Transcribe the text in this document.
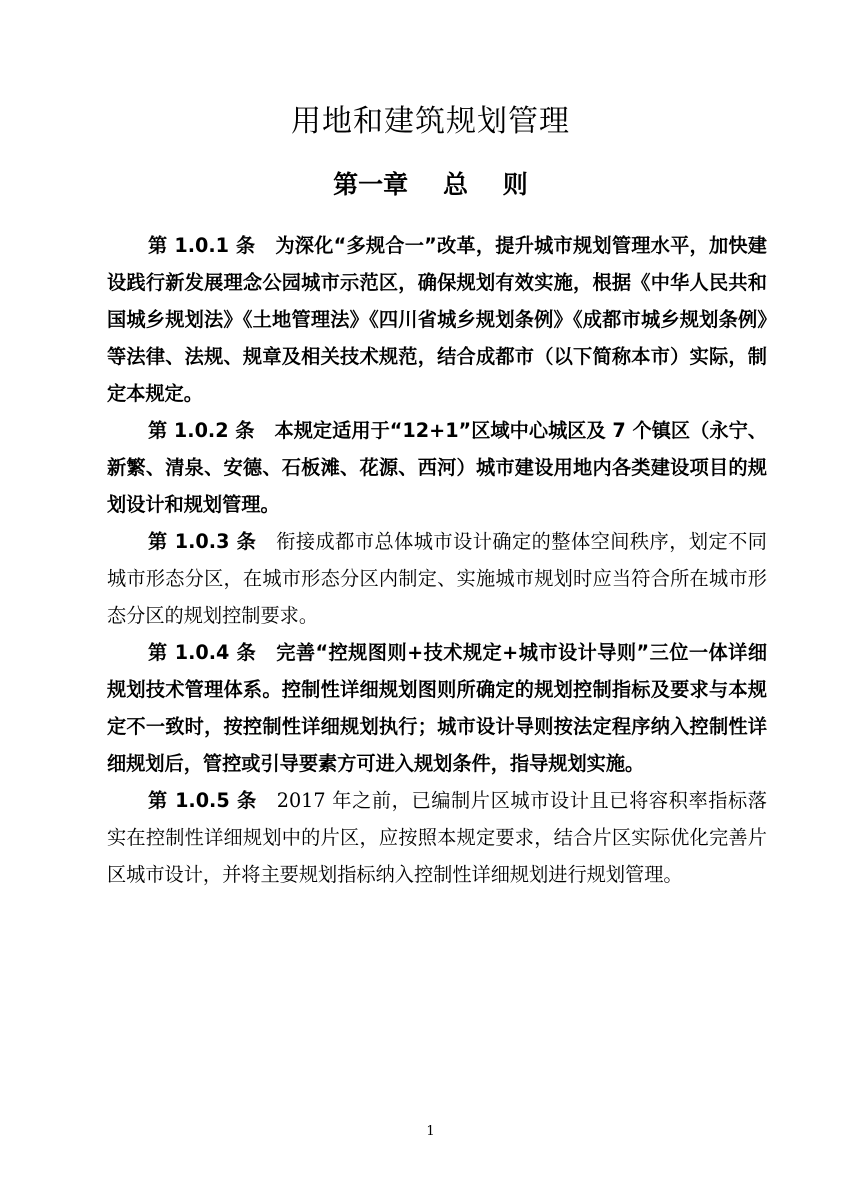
用地和建筑规划管理
第一章    总    则

第 1.0.1 条 为深化“多规合一”改革，提升城市规划管理水平，加快建设践行新发展理念公园城市示范区，确保规划有效实施，根据《中华人民共和国城乡规划法》《土地管理法》《四川省城乡规划条例》《成都市城乡规划条例》等法律、法规、规章及相关技术规范，结合成都市（以下简称本市）实际，制定本规定。

第 1.0.2 条 本规定适用于“12+1”区域中心城区及 7 个镇区（永宁、新繁、清泉、安德、石板滩、花源、西河）城市建设用地内各类建设项目的规划设计和规划管理。

第 1.0.3 条 衔接成都市总体城市设计确定的整体空间秩序，划定不同城市形态分区，在城市形态分区内制定、实施城市规划时应当符合所在城市形态分区的规划控制要求。

第 1.0.4 条 完善“控规图则+技术规定+城市设计导则”三位一体详细规划技术管理体系。控制性详细规划图则所确定的规划控制指标及要求与本规定不一致时，按控制性详细规划执行；城市设计导则按法定程序纳入控制性详细规划后，管控或引导要素方可进入规划条件，指导规划实施。

第 1.0.5 条 2017 年之前，已编制片区城市设计且已将容积率指标落实在控制性详细规划中的片区，应按照本规定要求，结合片区实际优化完善片区城市设计，并将主要规划指标纳入控制性详细规划进行规划管理。

1
